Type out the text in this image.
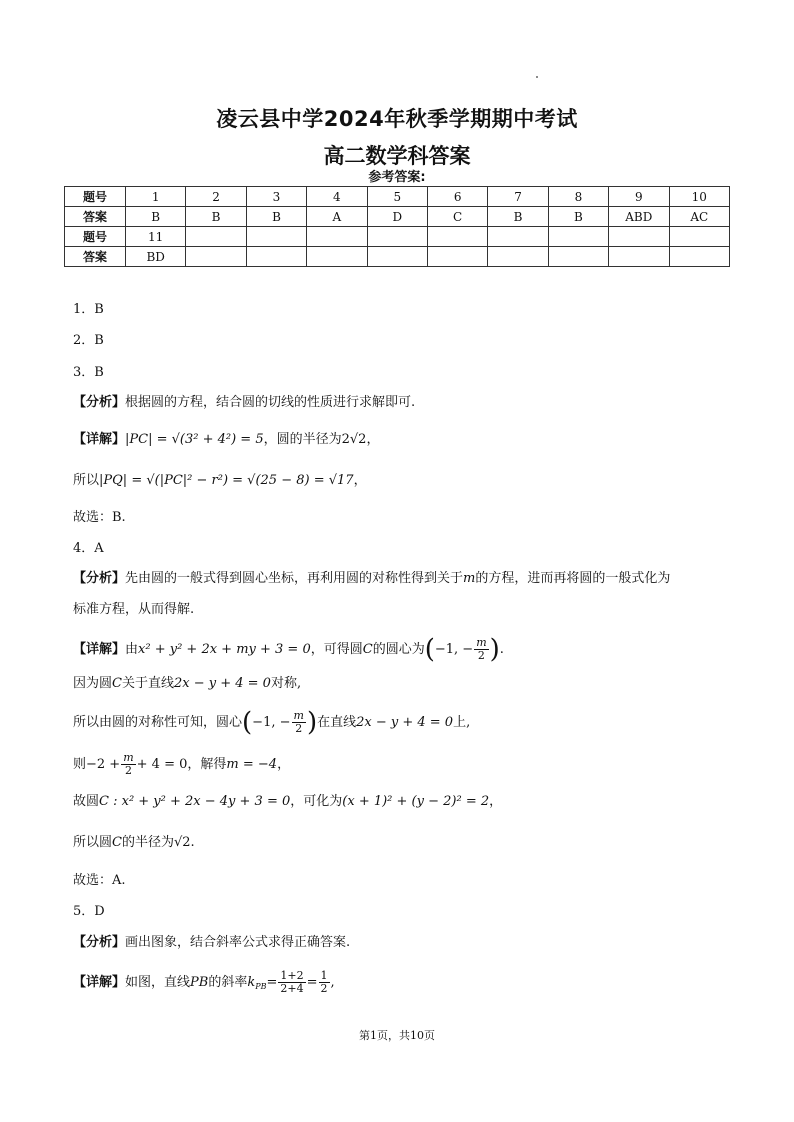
凌云县中学2024年秋季学期期中考试
高二数学科答案
参考答案:
题号	1	2	3	4	5	6	7	8	9	10
答案	B	B	B	A	D	C	B	B	ABD	AC
题号	11									
答案	BD									
1．B
2．B
3．B
【分析】根据圆的方程，结合圆的切线的性质进行求解即可.
【详解】|PC| = √(3² + 4²) = 5，圆的半径为2√2，
所以|PQ| = √(|PC|² − r²) = √(25 − 8) = √17，
故选：B.
4．A
【分析】先由圆的一般式得到圆心坐标，再利用圆的对称性得到关于m的方程，进而再将圆的一般式化为
标准方程，从而得解.
【详解】由x² + y² + 2x + my + 3 = 0，可得圆C的圆心为(−1, − $\frac{m}{2}$ ).
因为圆C关于直线2x − y + 4 = 0对称,
所以由圆的对称性可知，圆心(−1, − $\frac{m}{2}$ )在直线2x − y + 4 = 0上,
则$-2 + \frac{m}{2} + 4 = 0$，解得m = −4，
故圆C : x² + y² + 2x − 4y + 3 = 0，可化为(x + 1)² + (y − 2)² = 2，
所以圆C的半径为√2.
故选：A.
5．D
【分析】画出图象，结合斜率公式求得正确答案.
【详解】如图，直线PB的斜率$k_{PB}= \frac{1+2}{2+4} = \frac{1}{2}$ ,
第1页，共10页
